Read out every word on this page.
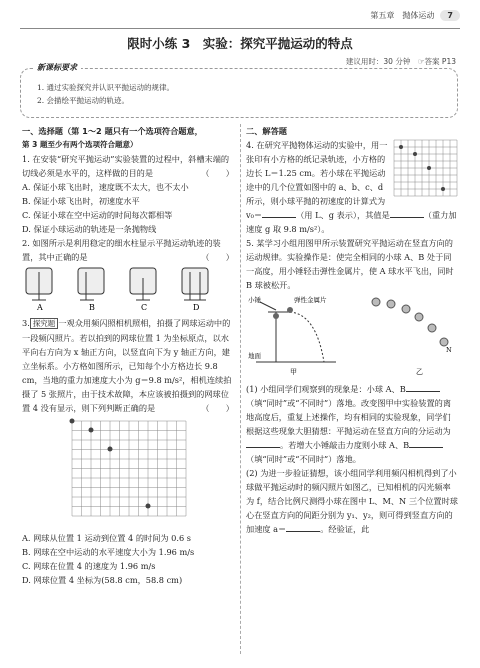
第五章　抛体运动	7
限时小练 3　实验：探究平抛运动的特点
建议用时：30 分钟　☞答案 P13
新课标要求

1. 通过实验探究并认识平抛运动的规律。

2. 会描绘平抛运动的轨迹。

一、选择题（第 1～2 题只有一个选项符合题意，

第 3 题至少有两个选项符合题意）

1. 在安装“研究平抛运动”实验装置的过程中，斜槽末端的切线必须是水平的，这样做的目的是	（　　）

A. 保证小球飞出时，速度既不太大，也不太小

B. 保证小球飞出时，初速度水平

C. 保证小球在空中运动的时间每次都相等

D. 保证小球运动的轨迹是一条抛物线

2. 如图所示是利用稳定的细水柱显示平抛运动轨迹的装置，其中正确的是	（　　）

A	B	C	D

3. 探究题 一观众用频闪照相机照相，拍摄了网球运动中的一段频闪照片。若以拍到的网球位置 1 为坐标原点，以水平向右方向为 x 轴正方向，以竖直向下为 y 轴正方向，建立坐标系。小方格如图所示，已知每个小方格边长 9.8 cm，当地的重力加速度大小为 g＝9.8 m/s²，相机连续拍摄了 5 张照片，由于技术故障，本应该被拍摄到的网球位置 4 没有显示，则下列判断正确的是	（　　）

A. 网球从位置 1 运动到位置 4 的时间为 0.6 s

B. 网球在空中运动的水平速度大小为 1.96 m/s

C. 网球在位置 4 的速度为 1.96 m/s

D. 网球位置 4 坐标为(58.8 cm，58.8 cm)

二、解答题

4. 在研究平抛物体运动的实验中，用一张印有小方格的纸记录轨迹，小方格的边长 L＝1.25 cm。若小球在平抛运动途中的几个位置如图中的 a、b、c、d 所示，则小球平抛的初速度的计算式为 v₀＝	（用 L、g 表示），其值是	（重力加速度 g 取 9.8 m/s²）。

5. 某学习小组用图甲所示装置研究平抛运动在竖直方向的运动规律。实验操作是：使完全相同的小球 A、B 处于同一高度，用小锤轻击弹性金属片，使 A 球水平飞出，同时 B 球被松开。

小锤	弹性金属片
地面
甲
N
乙

(1) 小组同学们观察到的现象是：小球 A、B（填“同时”或“不同时”）落地。改变图甲中实验装置的离地高度后，重复上述操作，均有相同的实验现象，同学们根据这些现象大胆猜想：平抛运动在竖直方向的分运动为。若增大小锤敲击力度则小球 A、B（填“同时”或“不同时”）落地。

(2) 为进一步验证猜想，该小组同学利用频闪相机得到了小球做平抛运动时的频闪照片如图乙，已知相机的闪光频率为 f，结合比例尺测得小球在图中 L、M、N 三个位置时球心在竖直方向的间距分别为 y₁、y₂，则可得到竖直方向的加速度 a＝	。经验证，此
